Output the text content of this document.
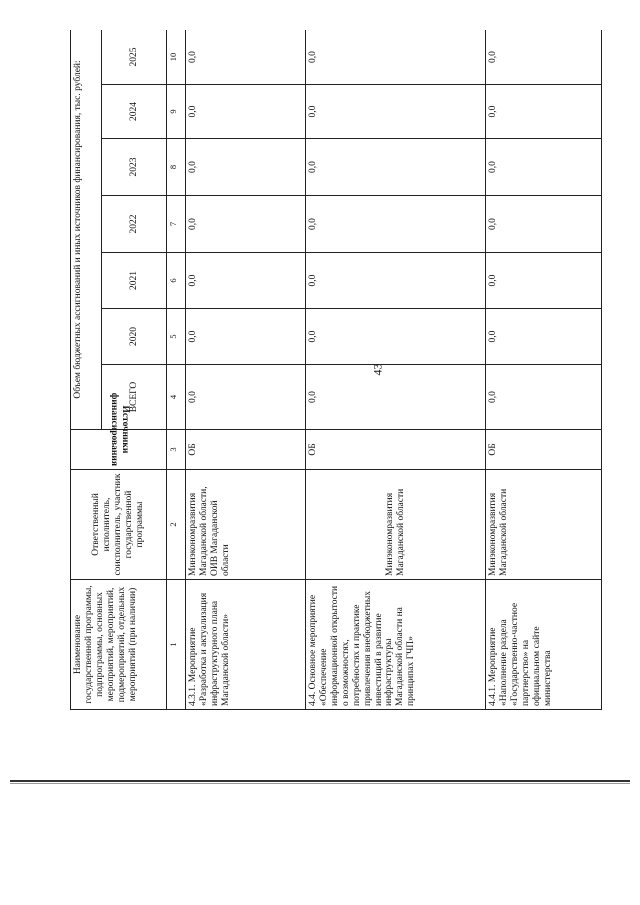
43
Наименование государственной программы, подпрограммы, основных мероприятий, мероприятий, подмероприятий, отдельных мероприятий (при наличии)	Ответственный исполнитель, соисполнитель, участник государственной программы	Источники финансирования	Объем бюджетных ассигнований и иных источников финансирования, тыс. рублей:						
			ВСЕГО	2020	2021	2022	2023	2024	2025
1	2	3	4	5	6	7	8	9	10
4.3.1. Мероприятие «Разработка и актуализация инфраструктурного плана Магаданской области»	Минэкономразвития Магаданской области, ОИВ Магаданской области	ОБ	0,0	0,0	0,0	0,0	0,0	0,0	0,0
4.4. Основное мероприятие «Обеспечение информационной открытости о возможностях, потребностях и практике привлечения внебюджетных инвестиций в развитие инфраструктуры Магаданской области на принципах ГЧП»	Минэкономразвития Магаданской области	ОБ	0,0	0,0	0,0	0,0	0,0	0,0	0,0
4.4.1. Мероприятие «Наполнение раздела «Государственно-частное партнерство» на официальном сайте министерства	Минэкономразвития Магаданской области	ОБ	0,0	0,0	0,0	0,0	0,0	0,0	0,0
